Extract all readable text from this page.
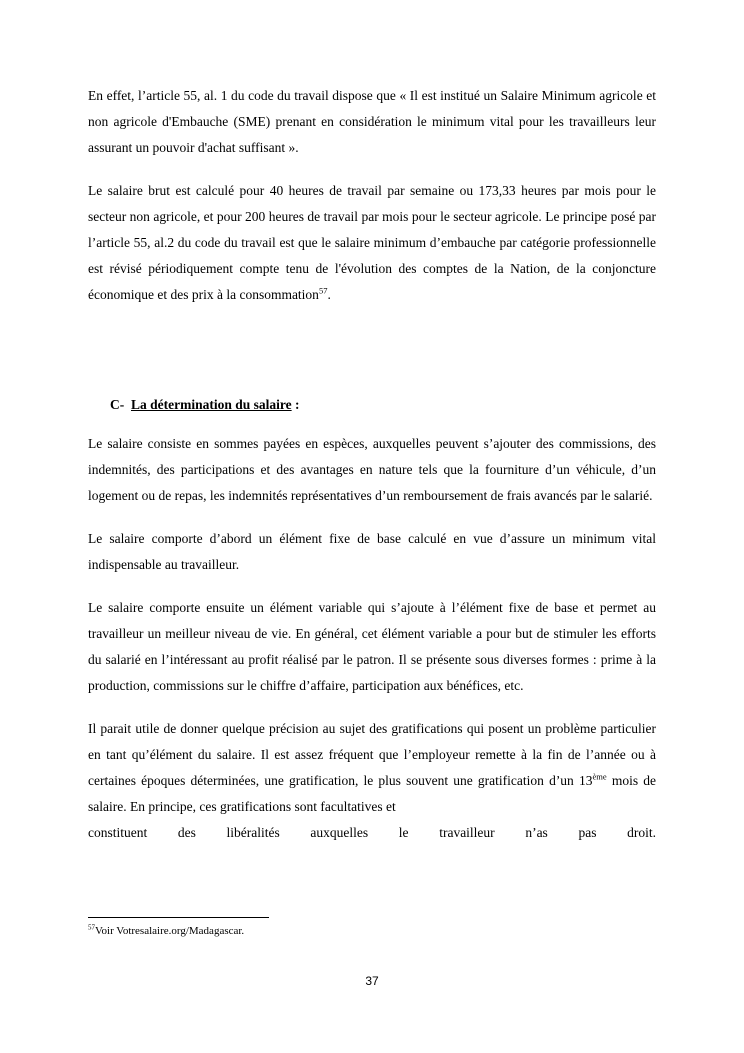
En effet, l’article 55, al. 1 du code du travail dispose que « Il est institué un Salaire Minimum agricole et non agricole d'Embauche (SME) prenant en considération le minimum vital pour les travailleurs leur assurant un pouvoir d'achat suffisant ».

Le salaire brut est calculé pour 40 heures de travail par semaine ou 173,33 heures par mois pour le secteur non agricole, et pour 200 heures de travail par mois pour le secteur agricole. Le principe posé par l’article 55, al.2 du code du travail est que le salaire minimum d’embauche par catégorie professionnelle est révisé périodiquement compte tenu de l'évolution des comptes de la Nation, de la conjoncture économique et des prix à la consommation$^{57}$.

C- La détermination du salaire :

Le salaire consiste en sommes payées en espèces, auxquelles peuvent s’ajouter des commissions, des indemnités, des participations et des avantages en nature tels que la fourniture d’un véhicule, d’un logement ou de repas, les indemnités représentatives d’un remboursement de frais avancés par le salarié.

Le salaire comporte d’abord un élément fixe de base calculé en vue d’assure un minimum vital indispensable au travailleur.

Le salaire comporte ensuite un élément variable qui s’ajoute à l’élément fixe de base et permet au travailleur un meilleur niveau de vie. En général, cet élément variable a pour but de stimuler les efforts du salarié en l’intéressant au profit réalisé par le patron. Il se présente sous diverses formes : prime à la production, commissions sur le chiffre d’affaire, participation aux bénéfices, etc.

Il parait utile de donner quelque précision au sujet des gratifications qui posent un problème particulier en tant qu’élément du salaire. Il est assez fréquent que l’employeur remette à la fin de l’année ou à certaines époques déterminées, une gratification, le plus souvent une gratification d’un 13ème mois de salaire. En principe, ces gratifications sont facultatives et

constituent des libéralités auxquelles le travailleur n’as pas droit.

$^{57}$Voir Votresalaire.org/Madagascar.
37
